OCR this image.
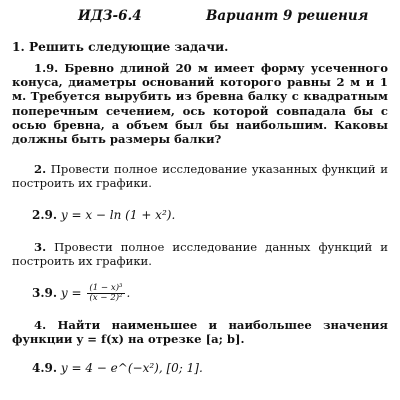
ИДЗ-6.4	Вариант 9 решения
1. Решить следующие задачи.
1.9. Бревно длиной 20 м имеет форму усеченного конуса, диаметры оснований которого равны 2 м и 1 м. Требуется вырубить из бревна балку с квадратным поперечным сечением, ось которой совпадала бы с осью бревна, а объем был бы наибольшим. Каковы должны быть размеры балки?
2. Провести полное исследование указанных функций и построить их графики.
2.9. y = x − ln (1 + x²).
3. Провести полное исследование данных функций и построить их графики.
3.9. $y = \frac{\text{(1 − x)³}}{\text{(x − 2)²}}$ .
4. Найти наименьшее и наибольшее значения функции y = f(x) на отрезке [a; b].
4.9. y = 4 − e^(−x²), [0; 1].
